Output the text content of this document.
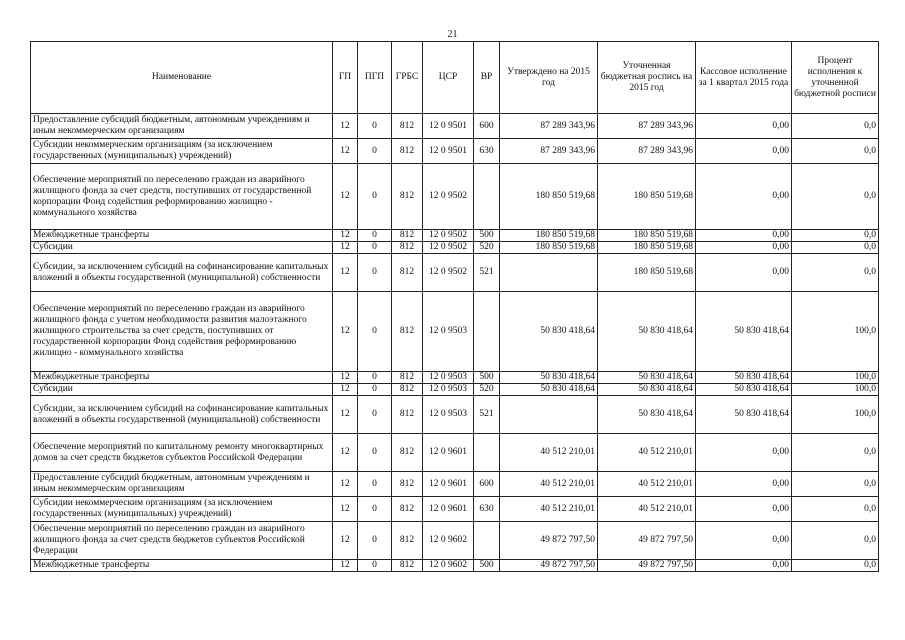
21
Наименование	ГП	ПГП	ГРБС	ЦСР	ВР	Утверждено на 2015 год	Уточненная бюджетная роспись на 2015 год	Кассовое исполнение за 1 квартал 2015 года	Процент исполнения к уточненной бюджетной росписи
Предоставление субсидий бюджетным, автономным учреждениям и иным некоммерческим организациям	12	0	812	12 0 9501	600	87 289 343,96	87 289 343,96	0,00	0,0
Субсидии некоммерческим организациям (за исключением государственных (муниципальных) учреждений)	12	0	812	12 0 9501	630	87 289 343,96	87 289 343,96	0,00	0,0
Обеспечение мероприятий по переселению граждан из аварийного жилищного фонда за счет средств, поступивших от государственной корпорации Фонд содействия реформированию жилищно - коммунального хозяйства	12	0	812	12 0 9502		180 850 519,68	180 850 519,68	0,00	0,0
Межбюджетные трансферты	12	0	812	12 0 9502	500	180 850 519,68	180 850 519,68	0,00	0,0
Субсидии	12	0	812	12 0 9502	520	180 850 519,68	180 850 519,68	0,00	0,0
Субсидии, за исключением субсидий на софинансирование капитальных вложений в объекты государственной (муниципальной) собственности	12	0	812	12 0 9502	521		180 850 519,68	0,00	0,0
Обеспечение мероприятий по переселению граждан из аварийного жилищного фонда с учетом необходимости развития малоэтажного жилищного строительства за счет средств, поступивших от государственной корпорации Фонд содействия реформированию жилищно - коммунального хозяйства	12	0	812	12 0 9503		50 830 418,64	50 830 418,64	50 830 418,64	100,0
Межбюджетные трансферты	12	0	812	12 0 9503	500	50 830 418,64	50 830 418,64	50 830 418,64	100,0
Субсидии	12	0	812	12 0 9503	520	50 830 418,64	50 830 418,64	50 830 418,64	100,0
Субсидии, за исключением субсидий на софинансирование капитальных вложений в объекты государственной (муниципальной) собственности	12	0	812	12 0 9503	521		50 830 418,64	50 830 418,64	100,0
Обеспечение мероприятий по капитальному ремонту многоквартирных домов за счет средств бюджетов субъектов Российской Федерации	12	0	812	12 0 9601		40 512 210,01	40 512 210,01	0,00	0,0
Предоставление субсидий бюджетным, автономным учреждениям и иным некоммерческим организациям	12	0	812	12 0 9601	600	40 512 210,01	40 512 210,01	0,00	0,0
Субсидии некоммерческим организациям (за исключением государственных (муниципальных) учреждений)	12	0	812	12 0 9601	630	40 512 210,01	40 512 210,01	0,00	0,0
Обеспечение мероприятий по переселению граждан из аварийного жилищного фонда за счет средств бюджетов субъектов Российской Федерации	12	0	812	12 0 9602		49 872 797,50	49 872 797,50	0,00	0,0
Межбюджетные трансферты	12	0	812	12 0 9602	500	49 872 797,50	49 872 797,50	0,00	0,0
